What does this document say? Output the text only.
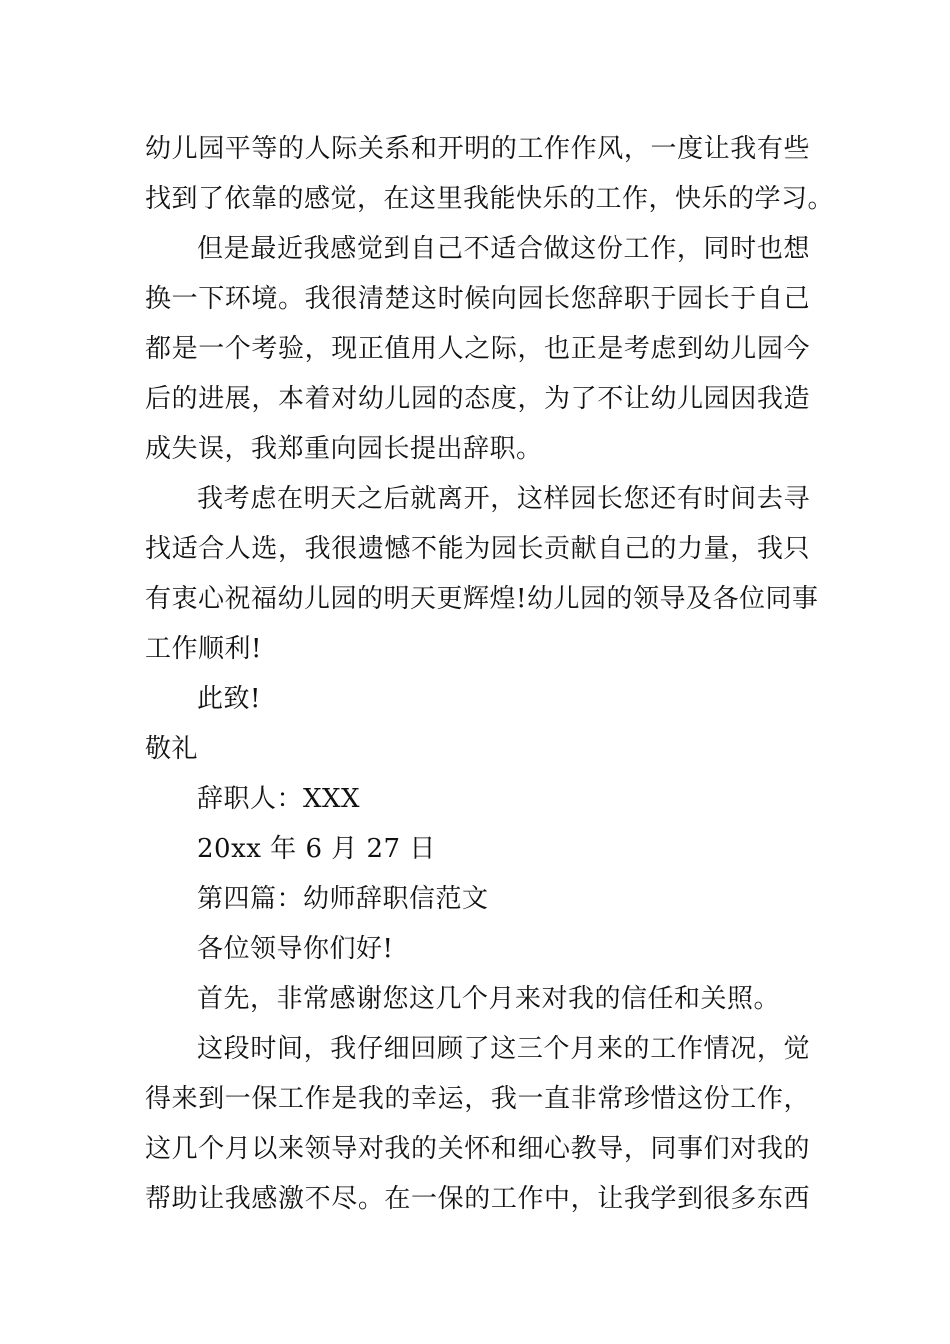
幼儿园平等的人际关系和开明的工作作风，一度让我有些
找到了依靠的感觉，在这里我能快乐的工作，快乐的学习。
但是最近我感觉到自己不适合做这份工作，同时也想
换一下环境。我很清楚这时候向园长您辞职于园长于自己
都是一个考验，现正值用人之际，也正是考虑到幼儿园今
后的进展，本着对幼儿园的态度，为了不让幼儿园因我造
成失误，我郑重向园长提出辞职。
我考虑在明天之后就离开，这样园长您还有时间去寻
找适合人选，我很遗憾不能为园长贡献自己的力量，我只
有衷心祝福幼儿园的明天更辉煌!幼儿园的领导及各位同事
工作顺利!
此致!
敬礼
辞职人：XXX
20xx 年 6 月 27 日
第四篇：幼师辞职信范文
各位领导你们好!
首先，非常感谢您这几个月来对我的信任和关照。
这段时间，我仔细回顾了这三个月来的工作情况，觉
得来到一保工作是我的幸运，我一直非常珍惜这份工作，
这几个月以来领导对我的关怀和细心教导，同事们对我的
帮助让我感激不尽。在一保的工作中，让我学到很多东西
